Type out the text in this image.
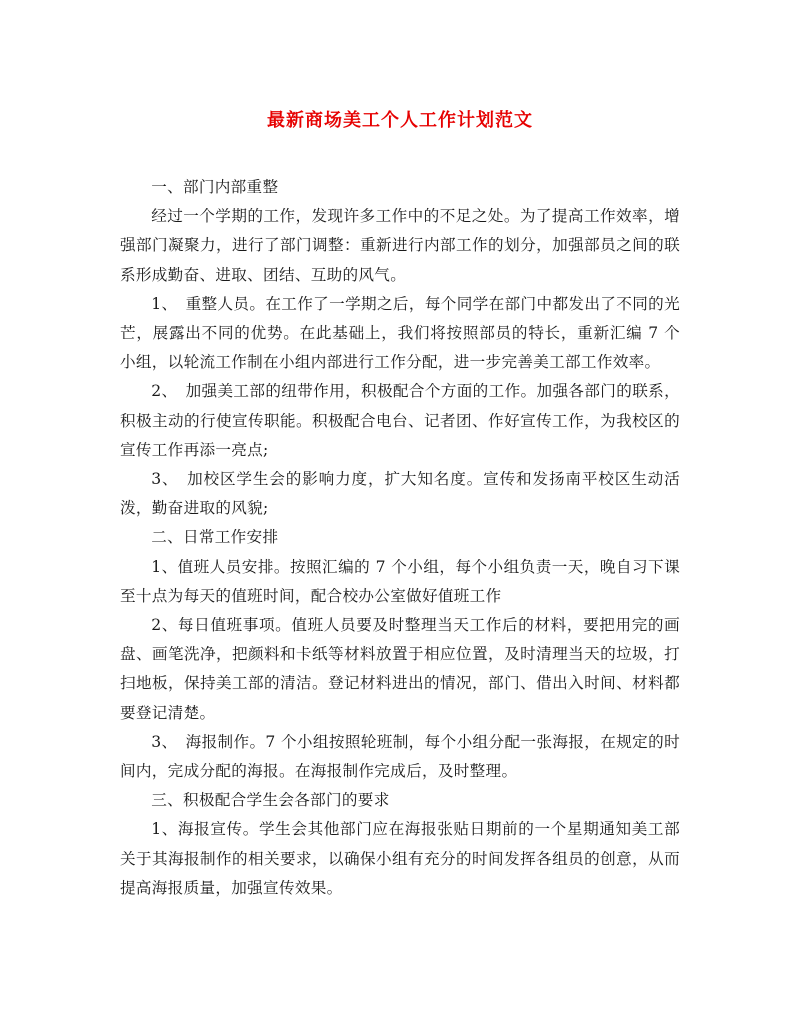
最新商场美工个人工作计划范文

一、部门内部重整

经过一个学期的工作，发现许多工作中的不足之处。为了提高工作效率，增强部门凝聚力，进行了部门调整：重新进行内部工作的划分，加强部员之间的联系形成勤奋、进取、团结、互助的风气。

1、　重整人员。在工作了一学期之后，每个同学在部门中都发出了不同的光芒，展露出不同的优势。在此基础上，我们将按照部员的特长，重新汇编 7 个小组，以轮流工作制在小组内部进行工作分配，进一步完善美工部工作效率。

2、　加强美工部的纽带作用，积极配合个方面的工作。加强各部门的联系，积极主动的行使宣传职能。积极配合电台、记者团、作好宣传工作，为我校区的宣传工作再添一亮点;

3、　加校区学生会的影响力度，扩大知名度。宣传和发扬南平校区生动活泼，勤奋进取的风貌;

二、日常工作安排

1、值班人员安排。按照汇编的 7 个小组，每个小组负责一天，晚自习下课至十点为每天的值班时间，配合校办公室做好值班工作

2、每日值班事项。值班人员要及时整理当天工作后的材料，要把用完的画盘、画笔洗净，把颜料和卡纸等材料放置于相应位置，及时清理当天的垃圾，打扫地板，保持美工部的清洁。登记材料进出的情况，部门、借出入时间、材料都要登记清楚。

3、　海报制作。7 个小组按照轮班制，每个小组分配一张海报，在规定的时间内，完成分配的海报。在海报制作完成后，及时整理。

三、积极配合学生会各部门的要求

1、海报宣传。学生会其他部门应在海报张贴日期前的一个星期通知美工部关于其海报制作的相关要求，以确保小组有充分的时间发挥各组员的创意，从而提高海报质量，加强宣传效果。
